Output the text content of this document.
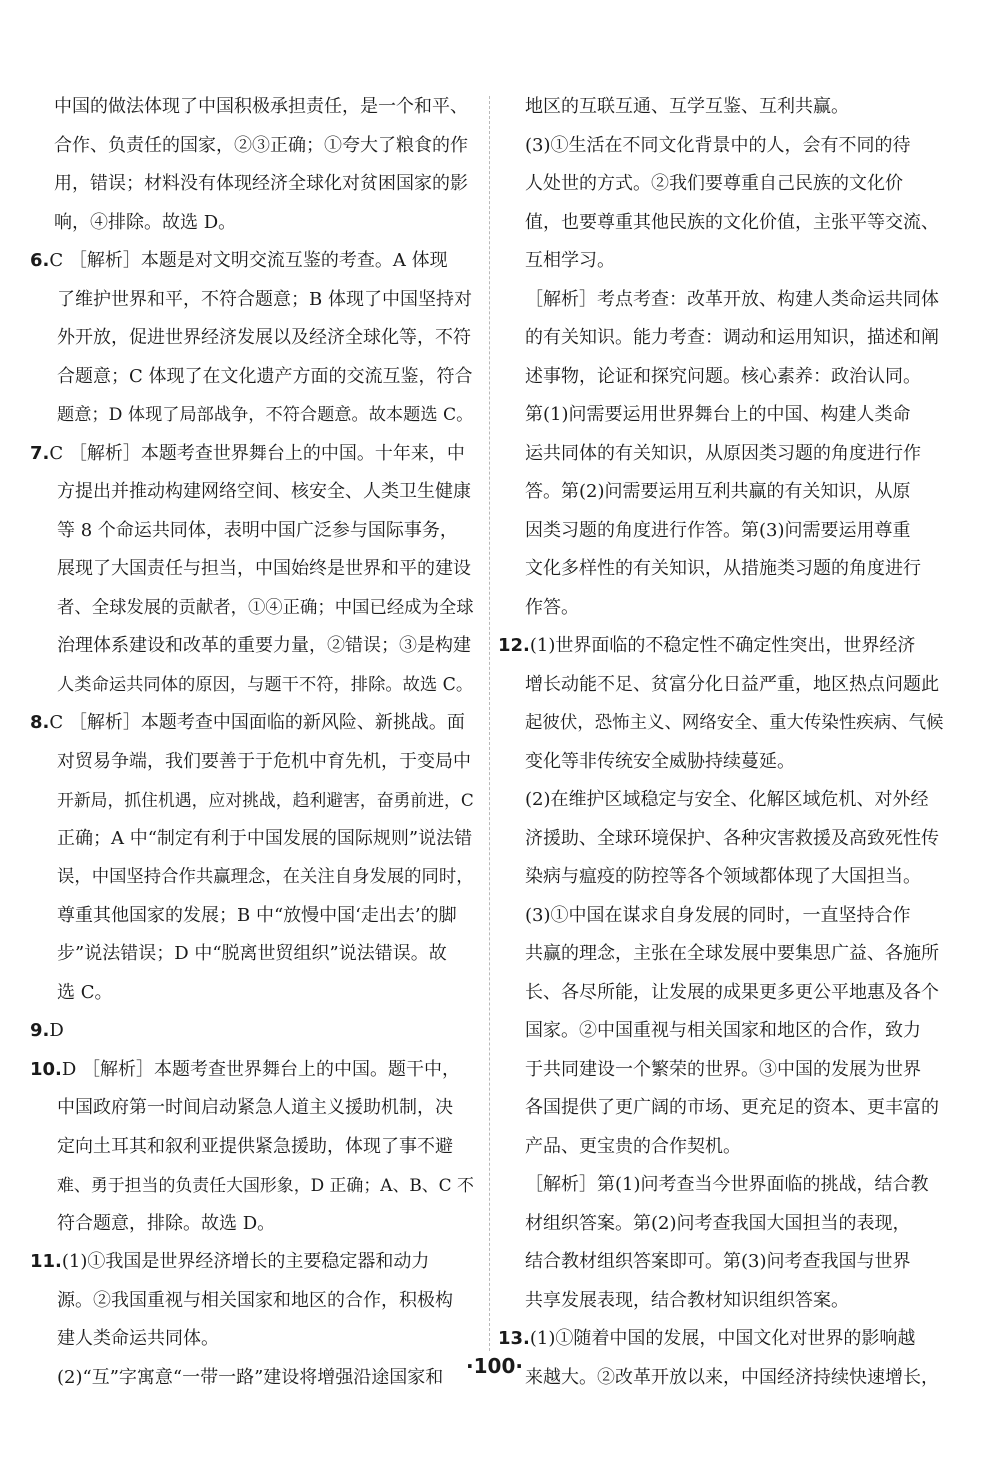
中国的做法体现了中国积极承担责任，是一个和平、
合作、负责任的国家，②③正确；①夸大了粮食的作
用，错误；材料没有体现经济全球化对贫困国家的影
响，④排除。故选 D。
6.C ［解析］本题是对文明交流互鉴的考查。A 体现
了维护世界和平，不符合题意；B 体现了中国坚持对
外开放，促进世界经济发展以及经济全球化等，不符
合题意；C 体现了在文化遗产方面的交流互鉴，符合
题意；D 体现了局部战争，不符合题意。故本题选 C。
7.C ［解析］本题考查世界舞台上的中国。十年来，中
方提出并推动构建网络空间、核安全、人类卫生健康
等 8 个命运共同体，表明中国广泛参与国际事务，
展现了大国责任与担当，中国始终是世界和平的建设
者、全球发展的贡献者，①④正确；中国已经成为全球
治理体系建设和改革的重要力量，②错误；③是构建
人类命运共同体的原因，与题干不符，排除。故选 C。
8.C ［解析］本题考查中国面临的新风险、新挑战。面
对贸易争端，我们要善于于危机中育先机，于变局中
开新局，抓住机遇，应对挑战，趋利避害，奋勇前进，C
正确；A 中“制定有利于中国发展的国际规则”说法错
误，中国坚持合作共赢理念，在关注自身发展的同时，
尊重其他国家的发展；B 中“放慢中国‘走出去’的脚
步”说法错误；D 中“脱离世贸组织”说法错误。故
选 C。
9.D
10.D ［解析］本题考查世界舞台上的中国。题干中，
中国政府第一时间启动紧急人道主义援助机制，决
定向土耳其和叙利亚提供紧急援助，体现了事不避
难、勇于担当的负责任大国形象，D 正确；A、B、C 不
符合题意，排除。故选 D。
11.(1)①我国是世界经济增长的主要稳定器和动力
源。②我国重视与相关国家和地区的合作，积极构
建人类命运共同体。
(2)“互”字寓意“一带一路”建设将增强沿途国家和
地区的互联互通、互学互鉴、互利共赢。
(3)①生活在不同文化背景中的人，会有不同的待
人处世的方式。②我们要尊重自己民族的文化价
值，也要尊重其他民族的文化价值，主张平等交流、
互相学习。
［解析］考点考查：改革开放、构建人类命运共同体
的有关知识。能力考查：调动和运用知识，描述和阐
述事物，论证和探究问题。核心素养：政治认同。
第(1)问需要运用世界舞台上的中国、构建人类命
运共同体的有关知识，从原因类习题的角度进行作
答。第(2)问需要运用互利共赢的有关知识，从原
因类习题的角度进行作答。第(3)问需要运用尊重
文化多样性的有关知识，从措施类习题的角度进行
作答。
12.(1)世界面临的不稳定性不确定性突出，世界经济
增长动能不足、贫富分化日益严重，地区热点问题此
起彼伏，恐怖主义、网络安全、重大传染性疾病、气候
变化等非传统安全威胁持续蔓延。
(2)在维护区域稳定与安全、化解区域危机、对外经
济援助、全球环境保护、各种灾害救援及高致死性传
染病与瘟疫的防控等各个领域都体现了大国担当。
(3)①中国在谋求自身发展的同时，一直坚持合作
共赢的理念，主张在全球发展中要集思广益、各施所
长、各尽所能，让发展的成果更多更公平地惠及各个
国家。②中国重视与相关国家和地区的合作，致力
于共同建设一个繁荣的世界。③中国的发展为世界
各国提供了更广阔的市场、更充足的资本、更丰富的
产品、更宝贵的合作契机。
［解析］第(1)问考查当今世界面临的挑战，结合教
材组织答案。第(2)问考查我国大国担当的表现，
结合教材组织答案即可。第(3)问考查我国与世界
共享发展表现，结合教材知识组织答案。
13.(1)①随着中国的发展，中国文化对世界的影响越
来越大。②改革开放以来，中国经济持续快速增长，
·100·
